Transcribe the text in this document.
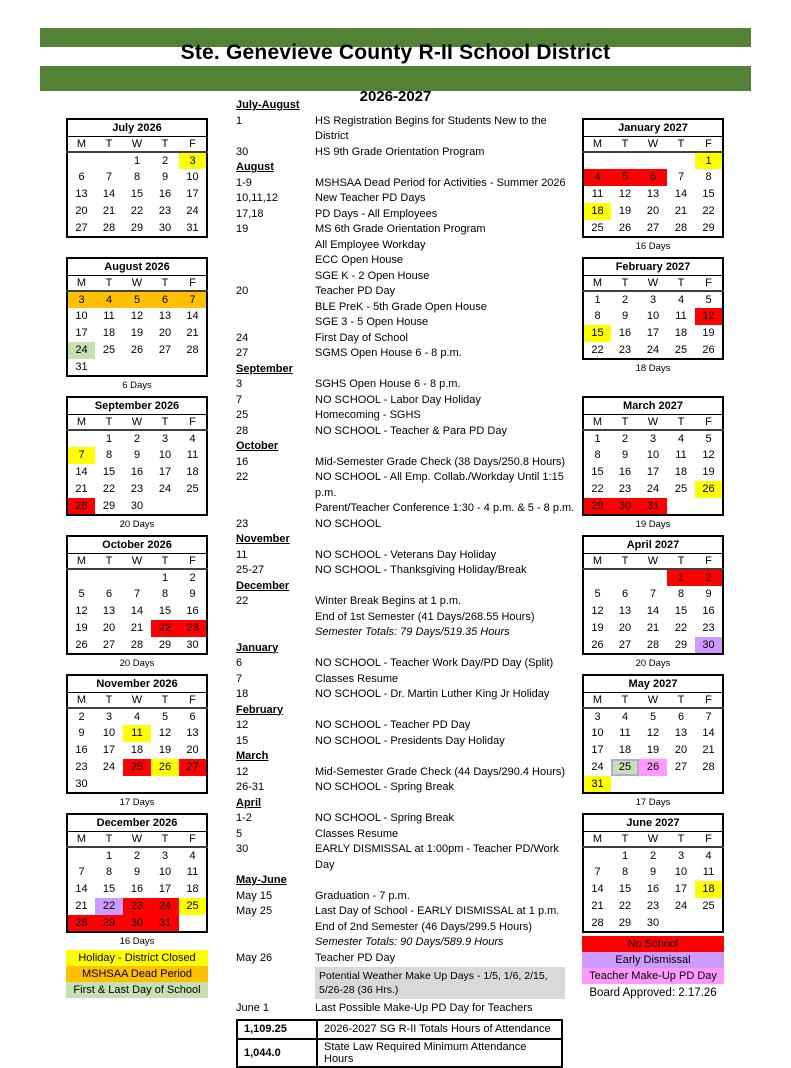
Ste. Genevieve County R-II School District
2026-2027
July 2026				
M	T	W	T	F
		1	2	3
6	7	8	9	10
13	14	15	16	17
20	21	22	23	24
27	28	29	30	31
August 2026				
M	T	W	T	F
3	4	5	6	7
10	11	12	13	14
17	18	19	20	21
24	25	26	27	28
31				
6 Days
September 2026				
M	T	W	T	F
	1	2	3	4
7	8	9	10	11
14	15	16	17	18
21	22	23	24	25
28	29	30		
20 Days
October 2026				
M	T	W	T	F
			1	2
5	6	7	8	9
12	13	14	15	16
19	20	21	22	23
26	27	28	29	30
20 Days
November 2026				
M	T	W	T	F
2	3	4	5	6
9	10	11	12	13
16	17	18	19	20
23	24	25	26	27
30				
17 Days
December 2026				
M	T	W	T	F
	1	2	3	4
7	8	9	10	11
14	15	16	17	18
21	22	23	24	25
28	29	30	31	
16 Days
July-August
1	HS Registration Begins for Students New to the District
30	HS 9th Grade Orientation Program
August
1-9	MSHSAA Dead Period for Activities - Summer 2026
10,11,12	New Teacher PD Days
17,18	PD Days - All Employees
19	MS 6th Grade Orientation Program
All Employee Workday
ECC Open House
SGE K - 2 Open House
20	Teacher PD Day
BLE PreK - 5th Grade Open House
SGE 3 - 5 Open House
24	First Day of School
27	SGMS Open House 6 - 8 p.m.
September
3	SGHS Open House 6 - 8 p.m.
7	NO SCHOOL - Labor Day Holiday
25	Homecoming - SGHS
28	NO SCHOOL - Teacher & Para PD Day
October
16	Mid-Semester Grade Check (38 Days/250.8 Hours)
22	NO SCHOOL - All Emp. Collab./Workday Until 1:15 p.m.
Parent/Teacher Conference 1:30 - 4 p.m. & 5 - 8 p.m.
23	NO SCHOOL
November
11	NO SCHOOL - Veterans Day Holiday
25-27	NO SCHOOL - Thanksgiving Holiday/Break
December
22	Winter Break Begins at 1 p.m.
End of 1st Semester (41 Days/268.55 Hours)
Semester Totals: 79 Days/519.35 Hours
January
6	NO SCHOOL - Teacher Work Day/PD Day (Split)
7	Classes Resume
18	NO SCHOOL - Dr. Martin Luther King Jr Holiday
February
12	NO SCHOOL - Teacher PD Day
15	NO SCHOOL - Presidents Day Holiday
March
12	Mid-Semester Grade Check (44 Days/290.4 Hours)
26-31	NO SCHOOL - Spring Break
April
1-2	NO SCHOOL - Spring Break
5	Classes Resume
30	EARLY DISMISSAL at 1:00pm - Teacher PD/Work Day
May-June
May 15	Graduation - 7 p.m.
May 25	Last Day of School - EARLY DISMISSAL at 1 p.m.
End of 2nd Semester (46 Days/299.5 Hours)
Semester Totals: 90 Days/589.9 Hours
May 26	Teacher PD Day
Potential Weather Make Up Days - 1/5, 1/6, 2/15, 5/26-28 (36 Hrs.)
June 1	Last Possible Make-Up PD Day for Teachers
1,109.25	2026-2027 SG R-II Totals Hours of Attendance
1,044.0	State Law Required Minimum Attendance Hours
January 2027				
M	T	W	T	F
				1
4	5	6	7	8
11	12	13	14	15
18	19	20	21	22
25	26	27	28	29
16 Days
February 2027				
M	T	W	T	F
1	2	3	4	5
8	9	10	11	12
15	16	17	18	19
22	23	24	25	26
18 Days
March 2027				
M	T	W	T	F
1	2	3	4	5
8	9	10	11	12
15	16	17	18	19
22	23	24	25	26
29	30	31		
19 Days
April 2027				
M	T	W	T	F
			1	2
5	6	7	8	9
12	13	14	15	16
19	20	21	22	23
26	27	28	29	30
20 Days
May 2027				
M	T	W	T	F
3	4	5	6	7
10	11	12	13	14
17	18	19	20	21
24	25	26	27	28
31				
17 Days
June 2027				
M	T	W	T	F
	1	2	3	4
7	8	9	10	11
14	15	16	17	18
21	22	23	24	25
28	29	30		
Holiday - District Closed
MSHSAA Dead Period
First & Last Day of School
No School
Early Dismissal
Teacher Make-Up PD Day
Board Approved: 2.17.26
